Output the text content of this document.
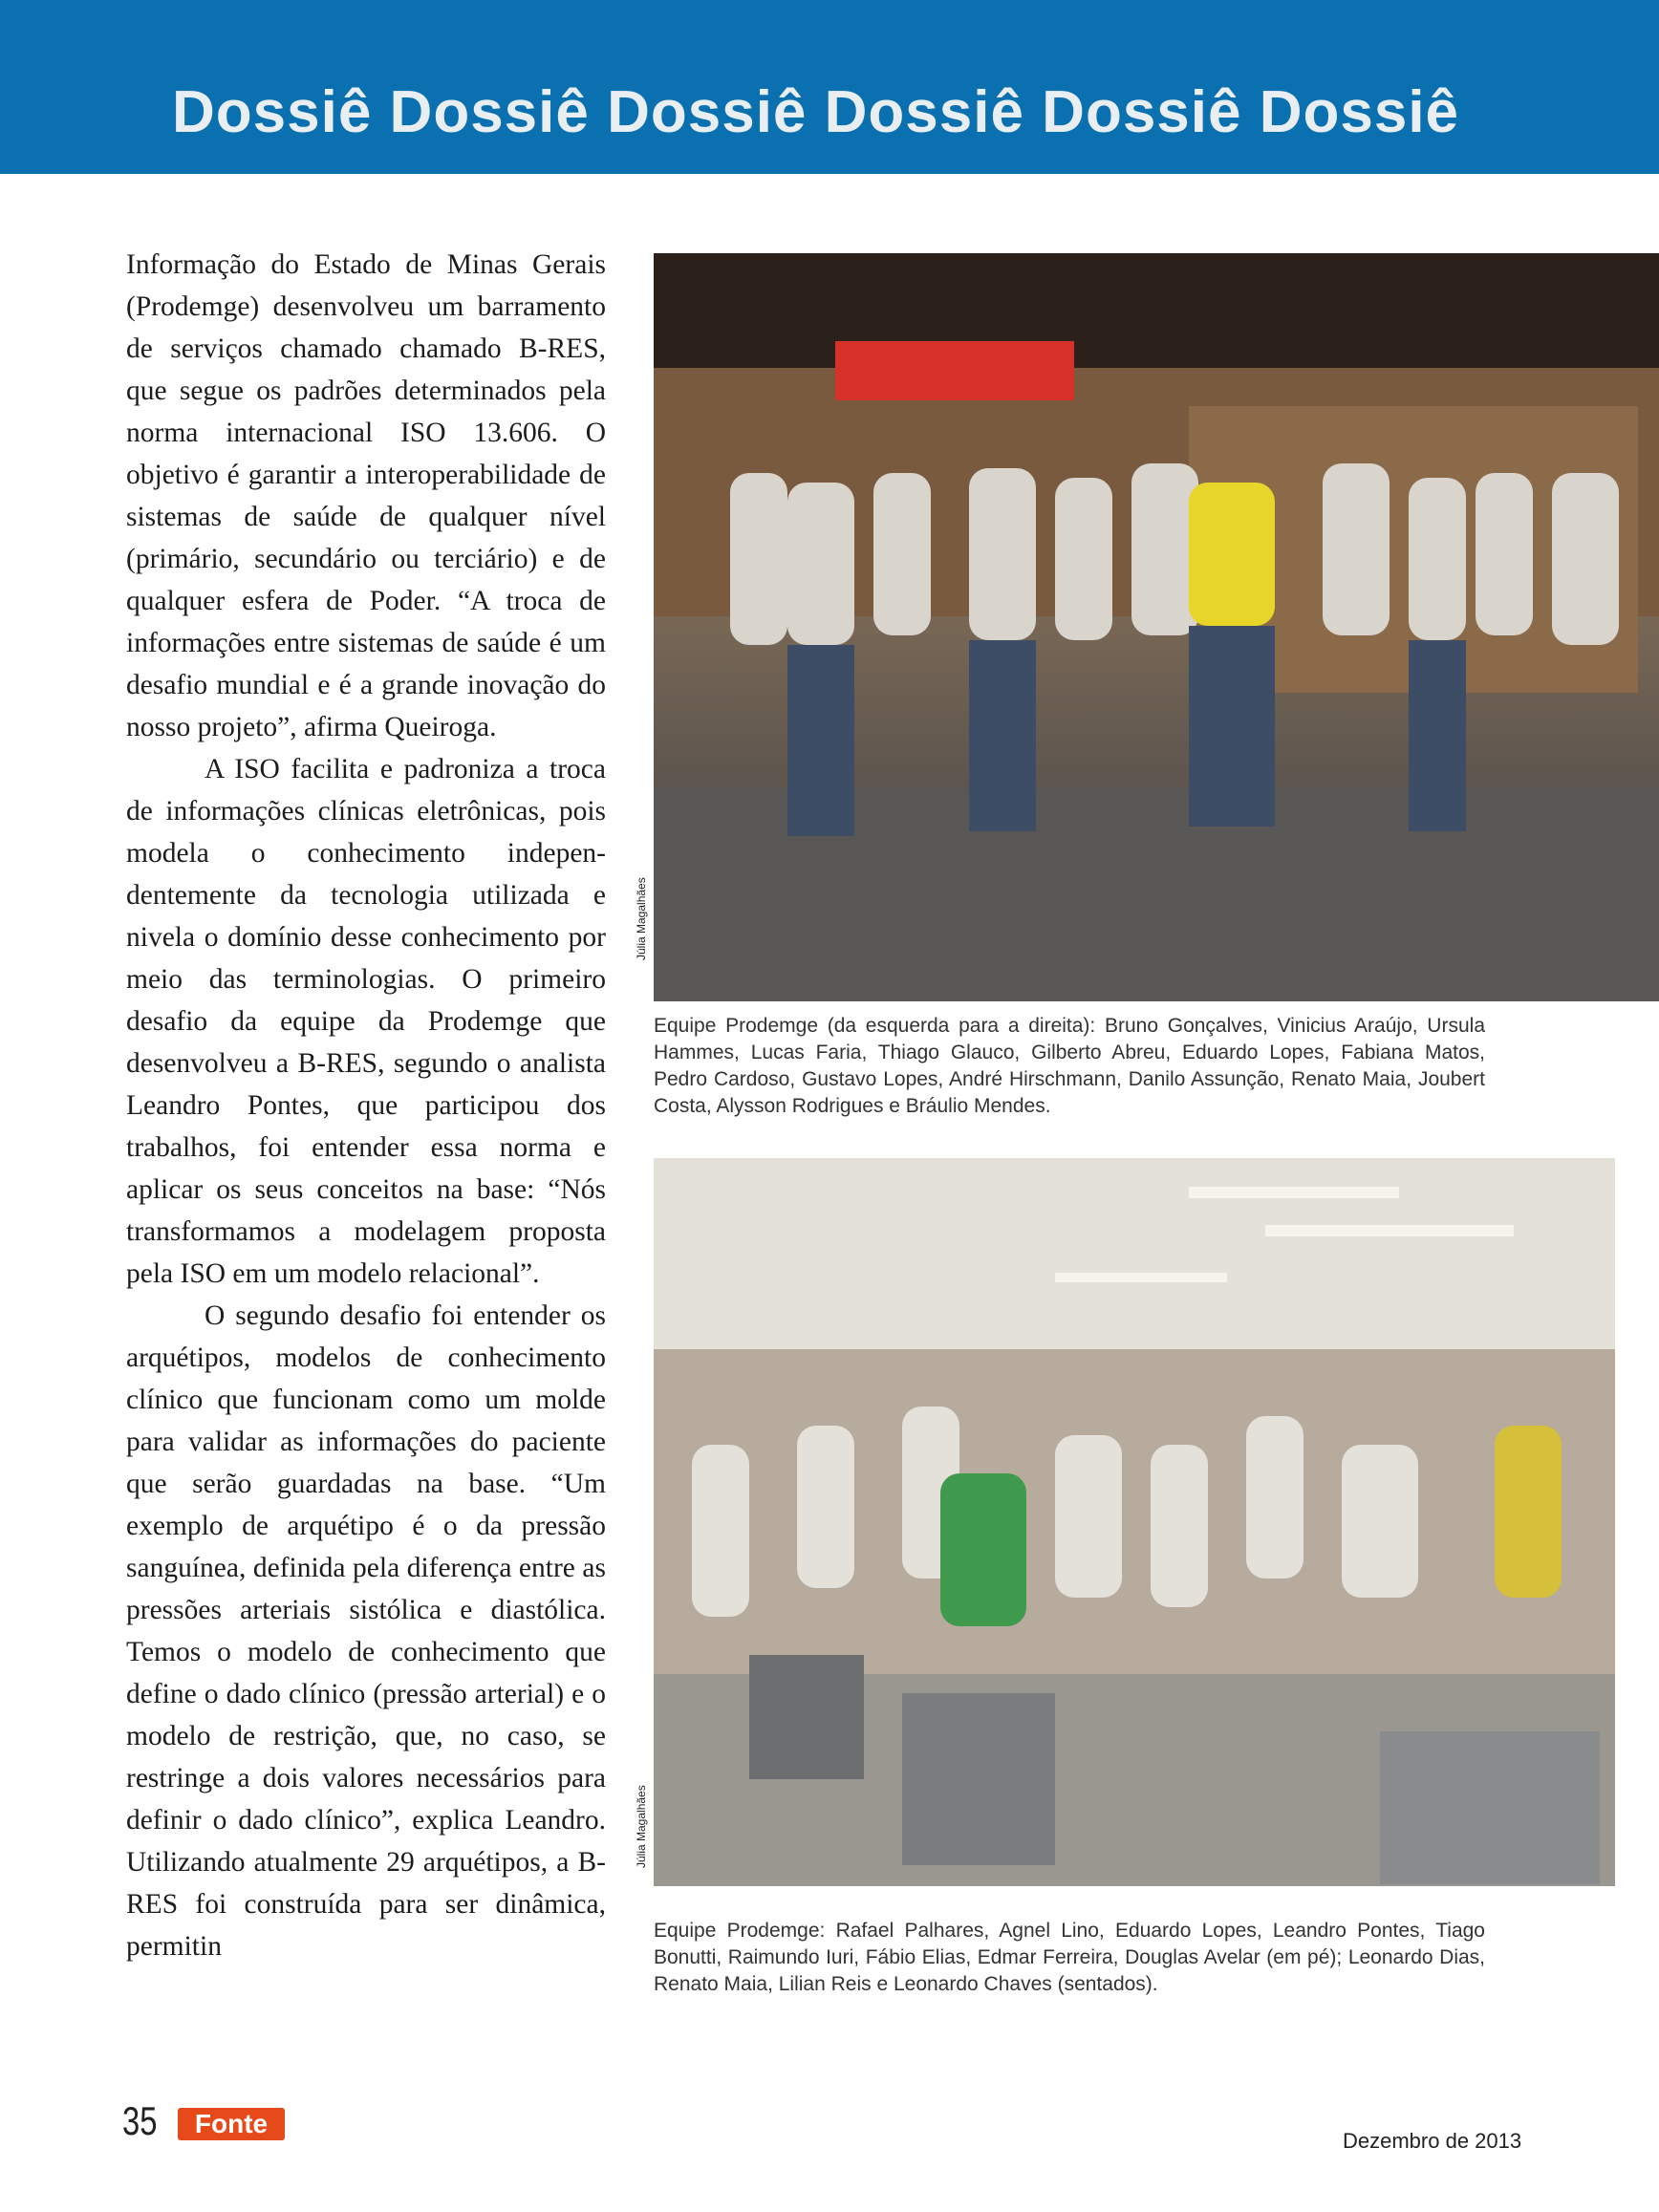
Dossiê Dossiê Dossiê Dossiê Dossiê Dossiê

Informação do Estado de Minas Gerais (Prodemge) desenvolveu um barramento de serviços chamado chamado B-RES, que segue os padrões determinados pela norma internacional ISO 13.606. O objetivo é garantir a interoperabilidade de sistemas de saúde de qualquer nível (primário, secundário ou terciário) e de qualquer esfera de Poder. “A troca de informações entre sistemas de saúde é um desafio mundial e é a grande inovação do nosso projeto”, afirma Queiroga.

A ISO facilita e padroniza a troca de informações clínicas eletrônicas, pois modela o conhecimento independentemente da tecnologia utilizada e nivela o domínio desse conhecimento por meio das terminologias. O primeiro desafio da equipe da Prodemge que desenvolveu a B-RES, segundo o analista Leandro Pontes, que participou dos trabalhos, foi entender essa norma e aplicar os seus conceitos na base: “Nós transformamos a modelagem proposta pela ISO em um modelo relacional”.

O segundo desafio foi entender os arquétipos, modelos de conhecimento clínico que funcionam como um molde para validar as informações do paciente que serão guardadas na base. “Um exemplo de arquétipo é o da pressão sanguínea, definida pela diferença entre as pressões arteriais sistólica e diastólica. Temos o modelo de conhecimento que define o dado clínico (pressão arterial) e o modelo de restrição, que, no caso, se restringe a dois valores necessários para definir o dado clínico”, explica Leandro. Utilizando atualmente 29 arquétipos, a B-RES foi construída para ser dinâmica, permitin

Júlia Magalhães
Equipe Prodemge (da esquerda para a direita): Bruno Gonçalves, Vinicius Araújo, Ursula Hammes, Lucas Faria, Thiago Glauco, Gilberto Abreu, Eduardo Lopes, Fabiana Matos, Pedro Cardoso, Gustavo Lopes, André Hirschmann, Danilo Assunção, Renato Maia, Joubert Costa, Alysson Rodrigues e Bráulio Mendes.
Júlia Magalhães
Equipe Prodemge: Rafael Palhares, Agnel Lino, Eduardo Lopes, Leandro Pontes, Tiago Bonutti, Raimundo Iuri, Fábio Elias, Edmar Ferreira, Douglas Avelar (em pé); Leonardo Dias, Renato Maia, Lilian Reis e Leonardo Chaves (sentados).
35	Fonte
Dezembro de 2013
